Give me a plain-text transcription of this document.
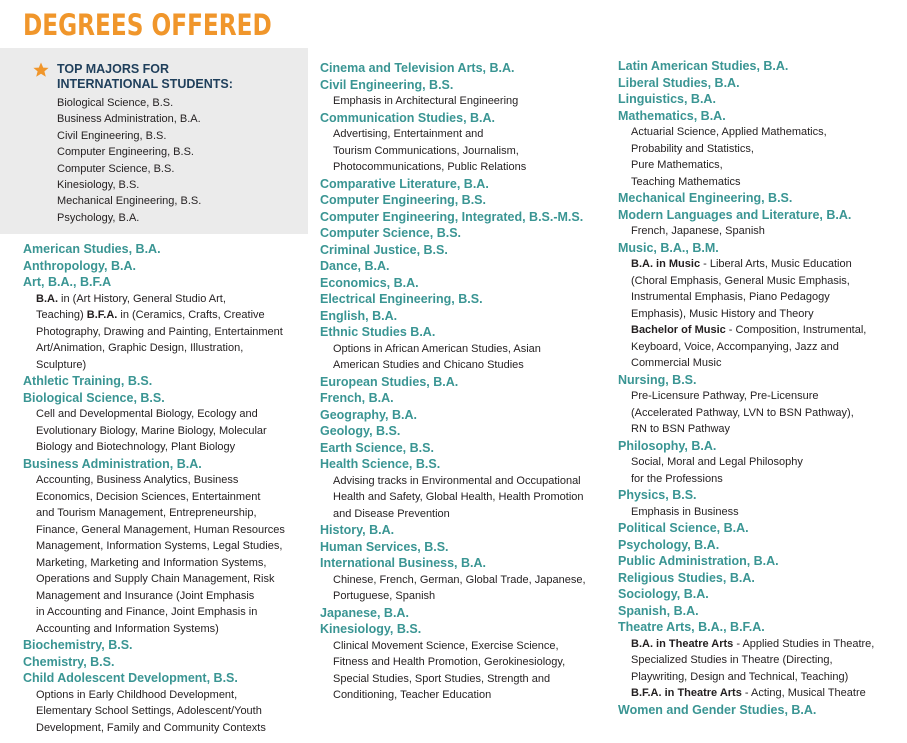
DEGREES OFFERED
TOP MAJORS FOR
INTERNATIONAL STUDENTS:
Biological Science, B.S.
Business Administration, B.A.
Civil Engineering, B.S.
Computer Engineering, B.S.
Computer Science, B.S.
Kinesiology, B.S.
Mechanical Engineering, B.S.
Psychology, B.A.
American Studies, B.A.
Anthropology, B.A.
Art, B.A., B.F.A
B.A. in (Art History, General Studio Art,
Teaching) B.F.A. in (Ceramics, Crafts, Creative
Photography, Drawing and Painting, Entertainment
Art/Animation, Graphic Design, Illustration,
Sculpture)
Athletic Training, B.S.
Biological Science, B.S.
Cell and Developmental Biology, Ecology and
Evolutionary Biology, Marine Biology, Molecular
Biology and Biotechnology, Plant Biology
Business Administration, B.A.
Accounting, Business Analytics, Business
Economics, Decision Sciences, Entertainment
and Tourism Management, Entrepreneurship,
Finance, General Management, Human Resources
Management, Information Systems, Legal Studies,
Marketing, Marketing and Information Systems,
Operations and Supply Chain Management, Risk
Management and Insurance (Joint Emphasis
in Accounting and Finance, Joint Emphasis in
Accounting and Information Systems)
Biochemistry, B.S.
Chemistry, B.S.
Child Adolescent Development, B.S.
Options in Early Childhood Development,
Elementary School Settings, Adolescent/Youth
Development, Family and Community Contexts
Cinema and Television Arts, B.A.
Civil Engineering, B.S.
Emphasis in Architectural Engineering
Communication Studies, B.A.
Advertising, Entertainment and
Tourism Communications, Journalism,
Photocommunications, Public Relations
Comparative Literature, B.A.
Computer Engineering, B.S.
Computer Engineering, Integrated, B.S.-M.S.
Computer Science, B.S.
Criminal Justice, B.S.
Dance, B.A.
Economics, B.A.
Electrical Engineering, B.S.
English, B.A.
Ethnic Studies B.A.
Options in African American Studies, Asian
American Studies and Chicano Studies
European Studies, B.A.
French, B.A.
Geography, B.A.
Geology, B.S.
Earth Science, B.S.
Health Science, B.S.
Advising tracks in Environmental and Occupational
Health and Safety, Global Health, Health Promotion
and Disease Prevention
History, B.A.
Human Services, B.S.
International Business, B.A.
Chinese, French, German, Global Trade, Japanese,
Portuguese, Spanish
Japanese, B.A.
Kinesiology, B.S.
Clinical Movement Science, Exercise Science,
Fitness and Health Promotion, Gerokinesiology,
Special Studies, Sport Studies, Strength and
Conditioning, Teacher Education
Latin American Studies, B.A.
Liberal Studies, B.A.
Linguistics, B.A.
Mathematics, B.A.
Actuarial Science, Applied Mathematics,
Probability and Statistics,
Pure Mathematics,
Teaching Mathematics
Mechanical Engineering, B.S.
Modern Languages and Literature, B.A.
French, Japanese, Spanish
Music, B.A., B.M.
B.A. in Music - Liberal Arts, Music Education
(Choral Emphasis, General Music Emphasis,
Instrumental Emphasis, Piano Pedagogy
Emphasis), Music History and Theory
Bachelor of Music - Composition, Instrumental,
Keyboard, Voice, Accompanying, Jazz and
Commercial Music
Nursing, B.S.
Pre-Licensure Pathway, Pre-Licensure
(Accelerated Pathway, LVN to BSN Pathway),
RN to BSN Pathway
Philosophy, B.A.
Social, Moral and Legal Philosophy
for the Professions
Physics, B.S.
Emphasis in Business
Political Science, B.A.
Psychology, B.A.
Public Administration, B.A.
Religious Studies, B.A.
Sociology, B.A.
Spanish, B.A.
Theatre Arts, B.A., B.F.A.
B.A. in Theatre Arts - Applied Studies in Theatre,
Specialized Studies in Theatre (Directing,
Playwriting, Design and Technical, Teaching)
B.F.A. in Theatre Arts - Acting, Musical Theatre
Women and Gender Studies, B.A.
